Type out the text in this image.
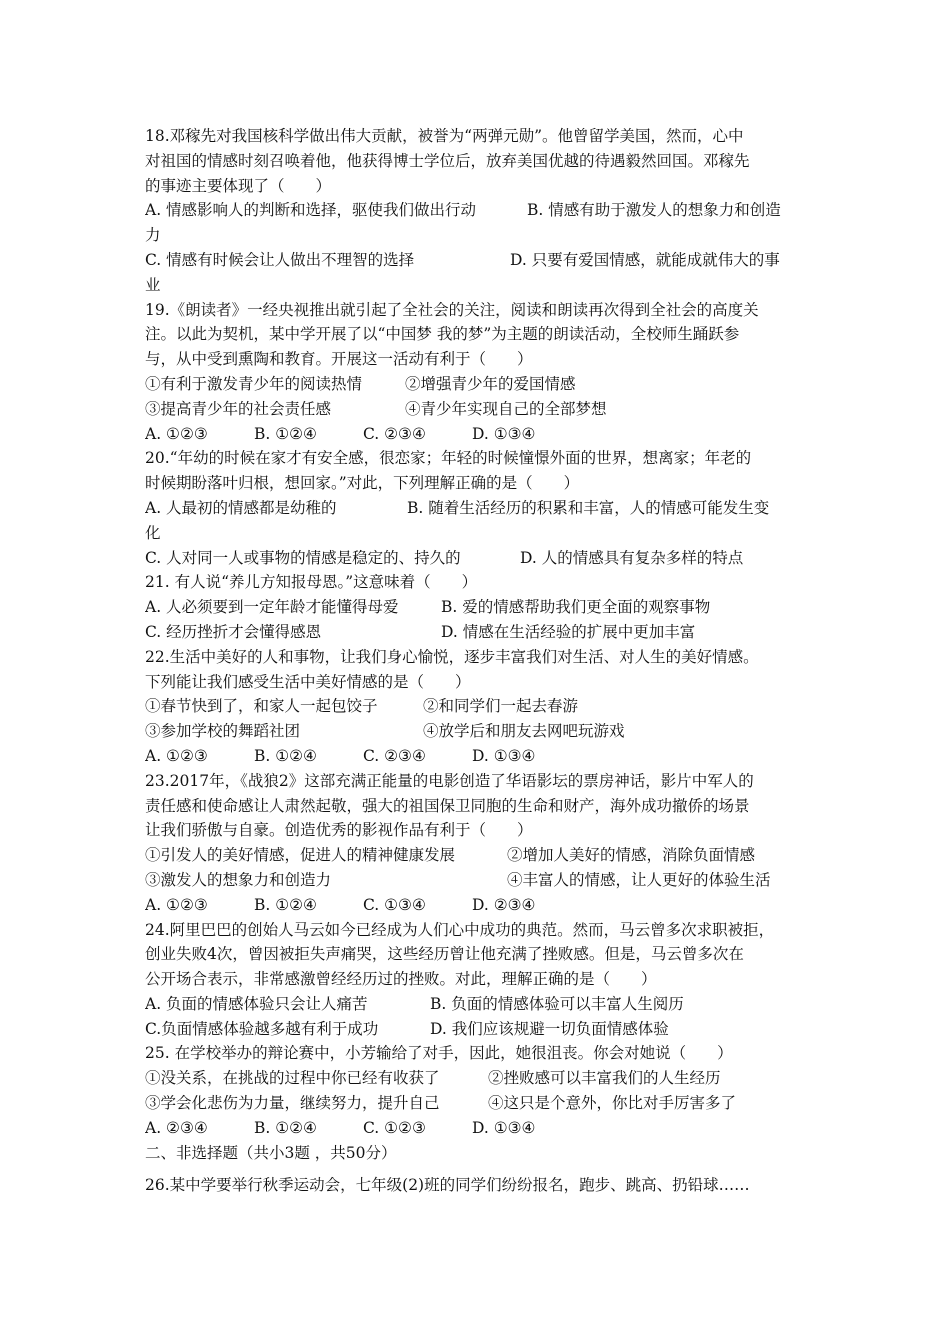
18.邓稼先对我国核科学做出伟大贡献，被誉为“两弹元勋”。他曾留学美国，然而，心中
对祖国的情感时刻召唤着他，他获得博士学位后，放弃美国优越的待遇毅然回国。邓稼先
的事迹主要体现了（　　）
A. 情感影响人的判断和选择，驱使我们做出行动	B. 情感有助于激发人的想象力和创造
力
C. 情感有时候会让人做出不理智的选择	D. 只要有爱国情感，就能成就伟大的事
业
19.《朗读者》一经央视推出就引起了全社会的关注，阅读和朗读再次得到全社会的高度关
注。以此为契机，某中学开展了以“中国梦 我的梦”为主题的朗读活动，全校师生踊跃参
与，从中受到熏陶和教育。开展这一活动有利于（　　）
①有利于激发青少年的阅读热情	②增强青少年的爱国情感
③提高青少年的社会责任感	④青少年实现自己的全部梦想
A. ①②③	B. ①②④	C. ②③④	D. ①③④
20.“年幼的时候在家才有安全感，很恋家；年轻的时候憧憬外面的世界，想离家；年老的
时候期盼落叶归根，想回家。”对此，下列理解正确的是（　　）
A. 人最初的情感都是幼稚的	B. 随着生活经历的积累和丰富，人的情感可能发生变
化
C. 人对同一人或事物的情感是稳定的、持久的	D. 人的情感具有复杂多样的特点
21. 有人说“养儿方知报母恩。”这意味着（　　）
A. 人必须要到一定年龄才能懂得母爱	B. 爱的情感帮助我们更全面的观察事物
C. 经历挫折才会懂得感恩	D. 情感在生活经验的扩展中更加丰富
22.生活中美好的人和事物，让我们身心愉悦，逐步丰富我们对生活、对人生的美好情感。
下列能让我们感受生活中美好情感的是（　　）
①春节快到了，和家人一起包饺子	②和同学们一起去春游
③参加学校的舞蹈社团	④放学后和朋友去网吧玩游戏
A. ①②③	B. ①②④	C. ②③④	D. ①③④
23.2017年，《战狼2》这部充满正能量的电影创造了华语影坛的票房神话，影片中军人的
责任感和使命感让人肃然起敬，强大的祖国保卫同胞的生命和财产，海外成功撤侨的场景
让我们骄傲与自豪。创造优秀的影视作品有利于（　　）
①引发人的美好情感，促进人的精神健康发展	②增加人美好的情感，消除负面情感
③激发人的想象力和创造力	④丰富人的情感，让人更好的体验生活
A. ①②③	B. ①②④	C. ①③④	D. ②③④
24.阿里巴巴的创始人马云如今已经成为人们心中成功的典范。然而，马云曾多次求职被拒，
创业失败4次，曾因被拒失声痛哭，这些经历曾让他充满了挫败感。但是，马云曾多次在
公开场合表示，非常感激曾经经历过的挫败。对此，理解正确的是（　　）
A. 负面的情感体验只会让人痛苦	B. 负面的情感体验可以丰富人生阅历
C.负面情感体验越多越有利于成功	D. 我们应该规避一切负面情感体验
25. 在学校举办的辩论赛中，小芳输给了对手，因此，她很沮丧。你会对她说（　　）
①没关系，在挑战的过程中你已经有收获了	②挫败感可以丰富我们的人生经历
③学会化悲伤为力量，继续努力，提升自己	④这只是个意外，你比对手厉害多了
A. ②③④	B. ①②④	C. ①②③	D. ①③④
二、非选择题（共小3题 ，共50分）
26.某中学要举行秋季运动会，七年级(2)班的同学们纷纷报名，跑步、跳高、扔铅球……
